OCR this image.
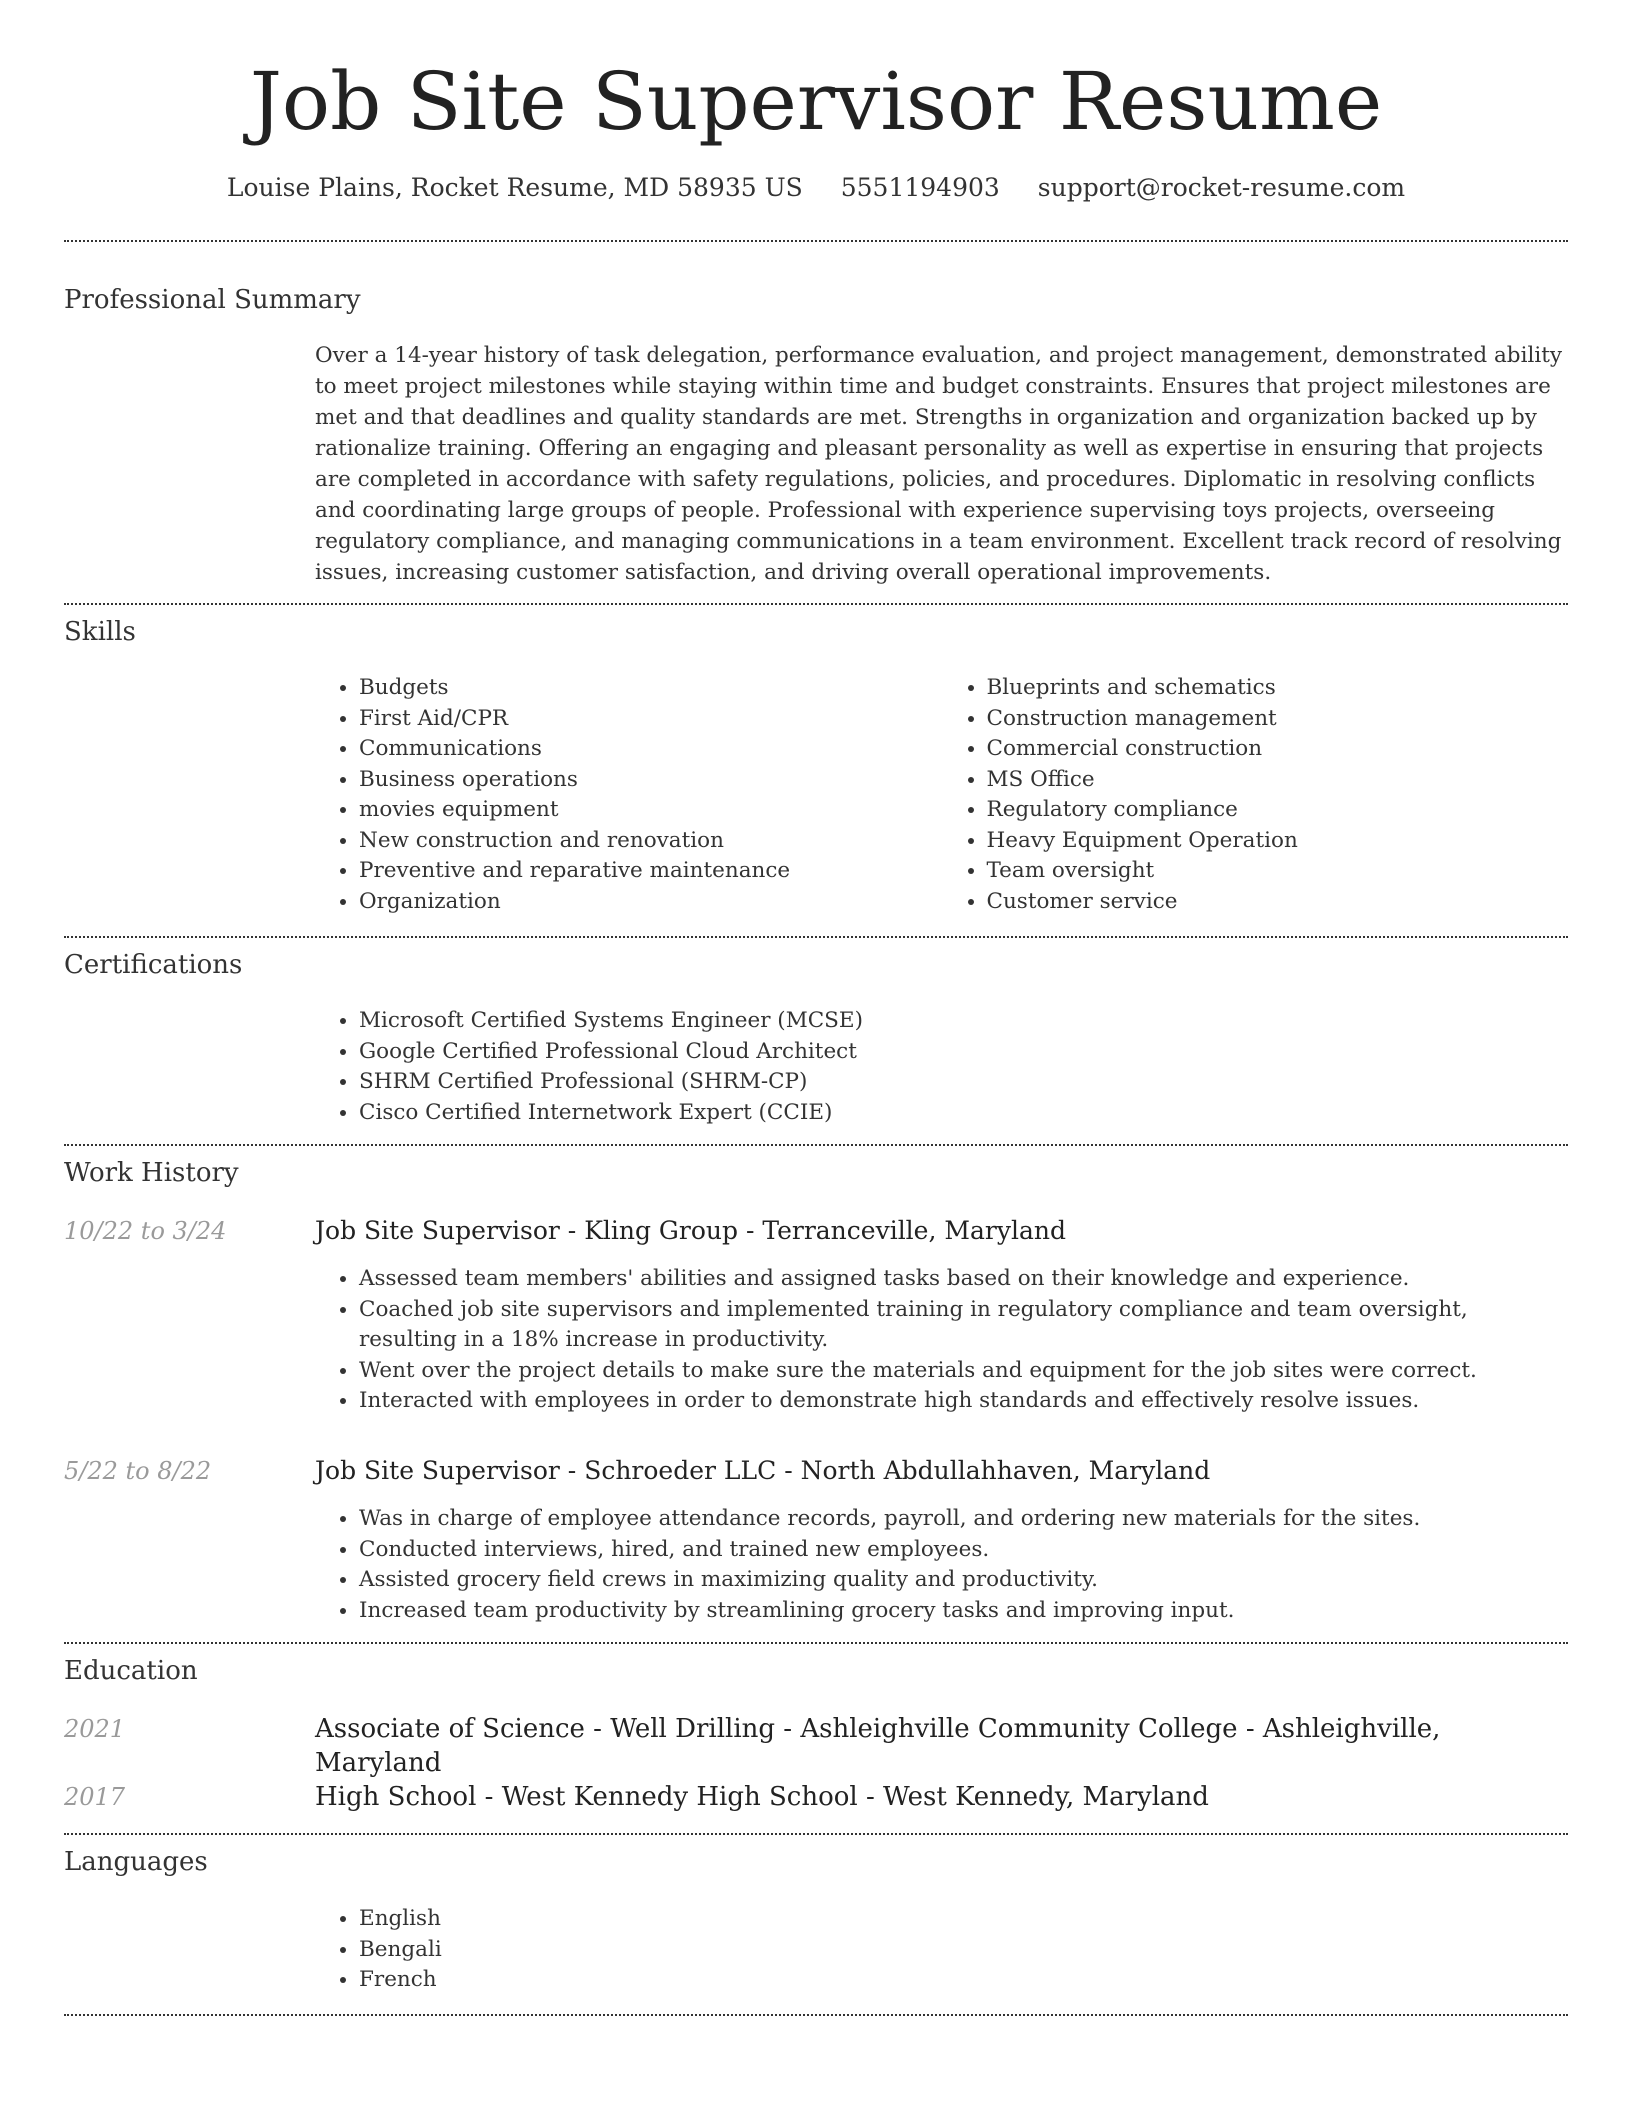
Job Site Supervisor Resume
Louise Plains, Rocket Resume, MD 58935 US 5551194903 support@rocket-resume.com
Professional Summary
Over a 14-year history of task delegation, performance evaluation, and project management, demonstrated ability to meet project milestones while staying within time and budget constraints. Ensures that project milestones are met and that deadlines and quality standards are met. Strengths in organization and organization backed up by rationalize training. Offering an engaging and pleasant personality as well as expertise in ensuring that projects are completed in accordance with safety regulations, policies, and procedures. Diplomatic in resolving conflicts and coordinating large groups of people. Professional with experience supervising toys projects, overseeing regulatory compliance, and managing communications in a team environment. Excellent track record of resolving issues, increasing customer satisfaction, and driving overall operational improvements.
Skills
• Budgets
• First Aid/CPR
• Communications
• Business operations
• movies equipment
• New construction and renovation
• Preventive and reparative maintenance
• Organization
• Blueprints and schematics
• Construction management
• Commercial construction
• MS Office
• Regulatory compliance
• Heavy Equipment Operation
• Team oversight
• Customer service
Certifications
• Microsoft Certified Systems Engineer (MCSE)
• Google Certified Professional Cloud Architect
• SHRM Certified Professional (SHRM-CP)
• Cisco Certified Internetwork Expert (CCIE)
Work History
10/22 to 3/24	Job Site Supervisor - Kling Group - Terranceville, Maryland
• Assessed team members' abilities and assigned tasks based on their knowledge and experience.
• Coached job site supervisors and implemented training in regulatory compliance and team oversight, resulting in a 18% increase in productivity.
• Went over the project details to make sure the materials and equipment for the job sites were correct.
• Interacted with employees in order to demonstrate high standards and effectively resolve issues.
5/22 to 8/22	Job Site Supervisor - Schroeder LLC - North Abdullahhaven, Maryland
• Was in charge of employee attendance records, payroll, and ordering new materials for the sites.
• Conducted interviews, hired, and trained new employees.
• Assisted grocery field crews in maximizing quality and productivity.
• Increased team productivity by streamlining grocery tasks and improving input.
Education
2021	Associate of Science - Well Drilling - Ashleighville Community College - Ashleighville, Maryland
2017	High School - West Kennedy High School - West Kennedy, Maryland
Languages
• English
• Bengali
• French
